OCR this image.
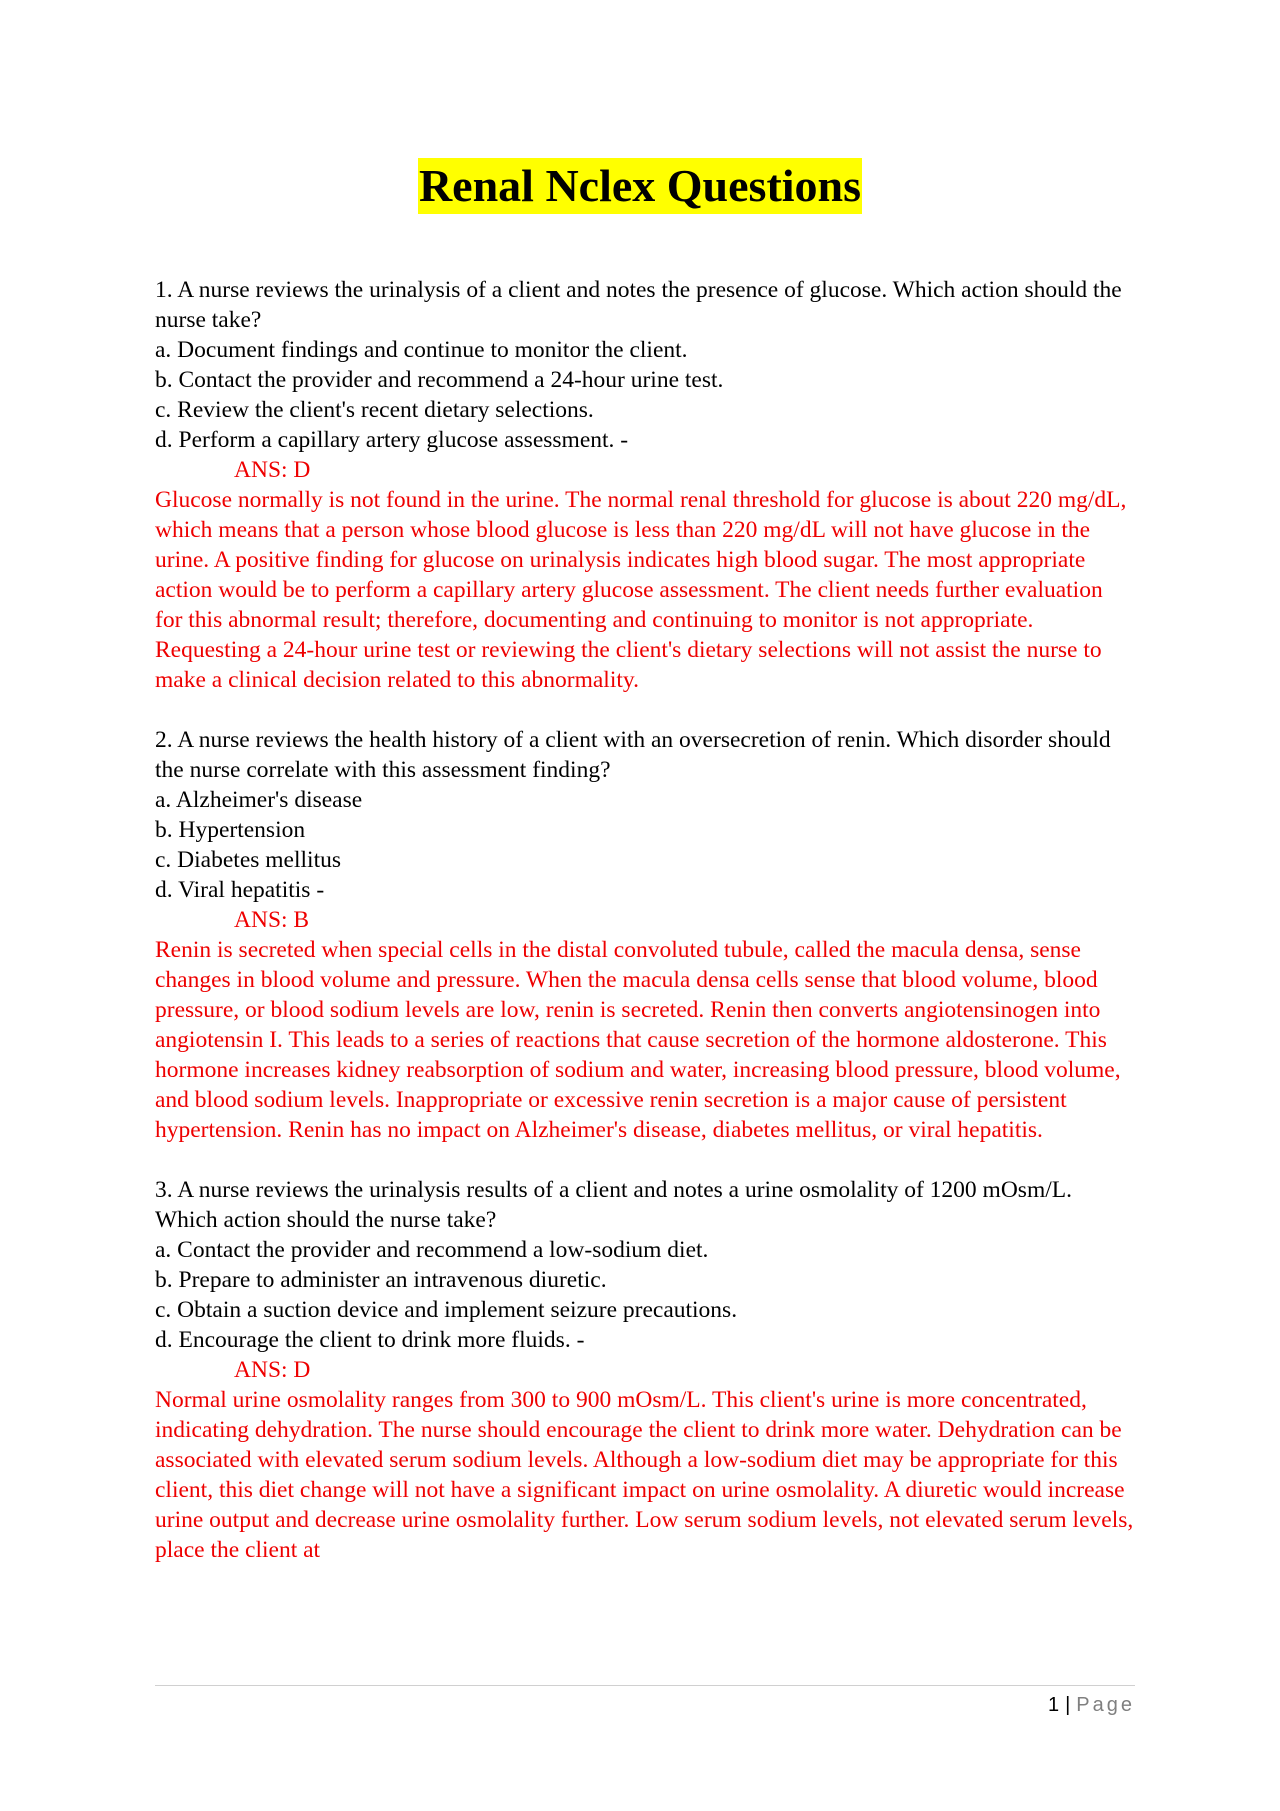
Renal Nclex Questions

1. A nurse reviews the urinalysis of a client and notes the presence of glucose. Which action should the nurse take?

a. Document findings and continue to monitor the client.

b. Contact the provider and recommend a 24-hour urine test.

c. Review the client's recent dietary selections.

d. Perform a capillary artery glucose assessment. -

ANS: D

Glucose normally is not found in the urine. The normal renal threshold for glucose is about 220 mg/dL, which means that a person whose blood glucose is less than 220 mg/dL will not have glucose in the urine. A positive finding for glucose on urinalysis indicates high blood sugar. The most appropriate action would be to perform a capillary artery glucose assessment. The client needs further evaluation for this abnormal result; therefore, documenting and continuing to monitor is not appropriate. Requesting a 24-hour urine test or reviewing the client's dietary selections will not assist the nurse to make a clinical decision related to this abnormality.

2. A nurse reviews the health history of a client with an oversecretion of renin. Which disorder should the nurse correlate with this assessment finding?

a. Alzheimer's disease

b. Hypertension

c. Diabetes mellitus

d. Viral hepatitis -

ANS: B

Renin is secreted when special cells in the distal convoluted tubule, called the macula densa, sense changes in blood volume and pressure. When the macula densa cells sense that blood volume, blood pressure, or blood sodium levels are low, renin is secreted. Renin then converts angiotensinogen into angiotensin I. This leads to a series of reactions that cause secretion of the hormone aldosterone. This hormone increases kidney reabsorption of sodium and water, increasing blood pressure, blood volume, and blood sodium levels. Inappropriate or excessive renin secretion is a major cause of persistent hypertension. Renin has no impact on Alzheimer's disease, diabetes mellitus, or viral hepatitis.

3. A nurse reviews the urinalysis results of a client and notes a urine osmolality of 1200 mOsm/L. Which action should the nurse take?

a. Contact the provider and recommend a low-sodium diet.

b. Prepare to administer an intravenous diuretic.

c. Obtain a suction device and implement seizure precautions.

d. Encourage the client to drink more fluids. -

ANS: D

Normal urine osmolality ranges from 300 to 900 mOsm/L. This client's urine is more concentrated, indicating dehydration. The nurse should encourage the client to drink more water. Dehydration can be associated with elevated serum sodium levels. Although a low-sodium diet may be appropriate for this client, this diet change will not have a significant impact on urine osmolality. A diuretic would increase urine output and decrease urine osmolality further. Low serum sodium levels, not elevated serum levels, place the client at

1 | Page
